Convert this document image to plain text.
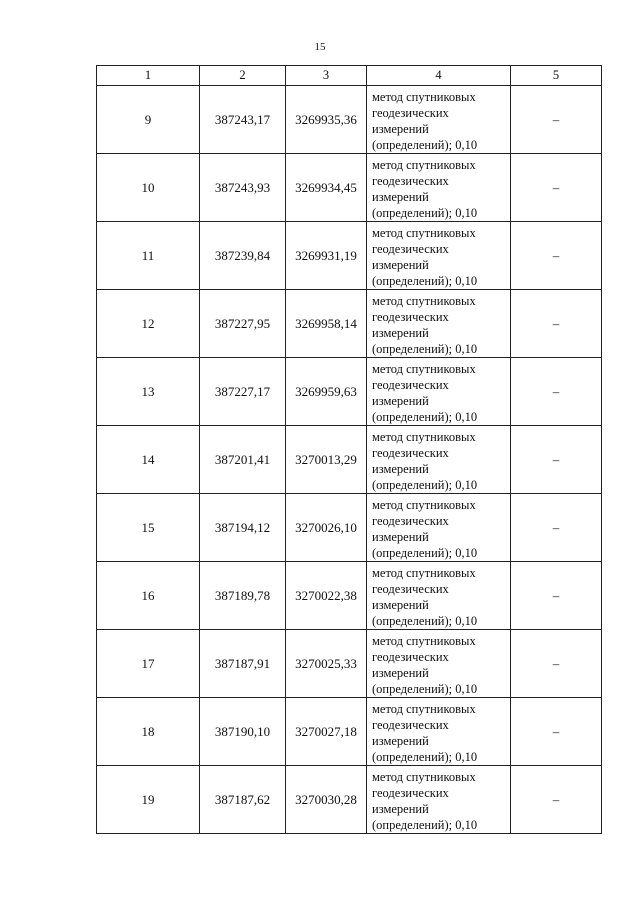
15
1	2	3	4	5
9	387243,17	3269935,36	метод спутниковых
геодезических
измерений
(определений); 0,10	–
10	387243,93	3269934,45	метод спутниковых
геодезических
измерений
(определений); 0,10	–
11	387239,84	3269931,19	метод спутниковых
геодезических
измерений
(определений); 0,10	–
12	387227,95	3269958,14	метод спутниковых
геодезических
измерений
(определений); 0,10	–
13	387227,17	3269959,63	метод спутниковых
геодезических
измерений
(определений); 0,10	–
14	387201,41	3270013,29	метод спутниковых
геодезических
измерений
(определений); 0,10	–
15	387194,12	3270026,10	метод спутниковых
геодезических
измерений
(определений); 0,10	–
16	387189,78	3270022,38	метод спутниковых
геодезических
измерений
(определений); 0,10	–
17	387187,91	3270025,33	метод спутниковых
геодезических
измерений
(определений); 0,10	–
18	387190,10	3270027,18	метод спутниковых
геодезических
измерений
(определений); 0,10	–
19	387187,62	3270030,28	метод спутниковых
геодезических
измерений
(определений); 0,10	–
